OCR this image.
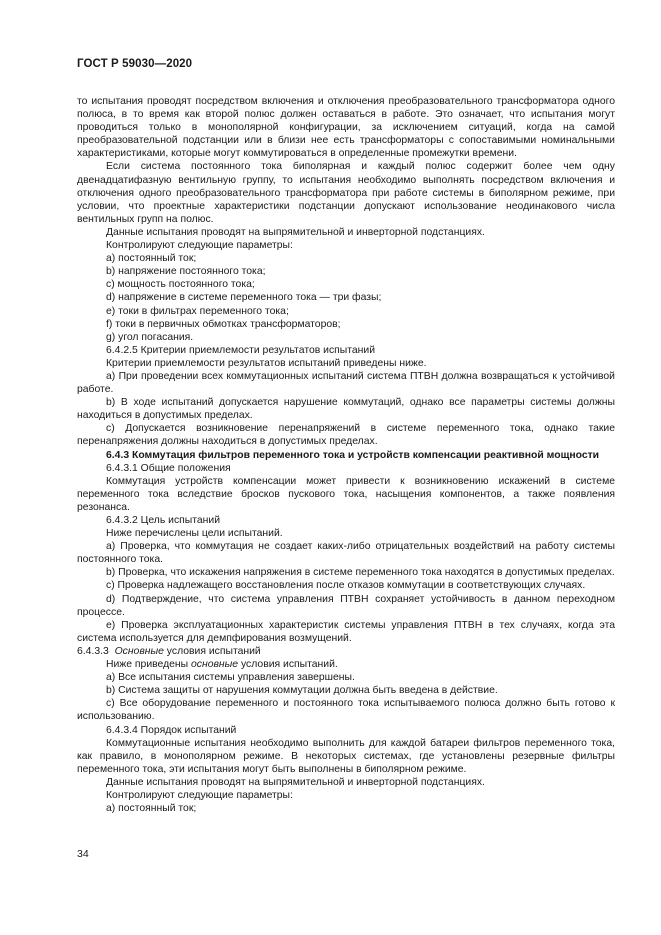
ГОСТ Р 59030—2020

то испытания проводят посредством включения и отключения преобразовательного трансформатора одного полюса, в то время как второй полюс должен оставаться в работе. Это означает, что испытания могут проводиться только в монополярной конфигурации, за исключением ситуаций, когда на самой преобразовательной подстанции или в близи нее есть трансформаторы с сопоставимыми номинальными характеристиками, которые могут коммутироваться в определенные промежутки времени.

Если система постоянного тока биполярная и каждый полюс содержит более чем одну двенадцатифазную вентильную группу, то испытания необходимо выполнять посредством включения и отключения одного преобразовательного трансформатора при работе системы в биполярном режиме, при условии, что проектные характеристики подстанции допускают использование неодинакового числа вентильных групп на полюс.

Данные испытания проводят на выпрямительной и инверторной подстанциях.

Контролируют следующие параметры:

а) постоянный ток;

b) напряжение постоянного тока;

с) мощность постоянного тока;

d) напряжение в системе переменного тока — три фазы;

е) токи в фильтрах переменного тока;

f) токи в первичных обмотках трансформаторов;

g) угол погасания.

6.4.2.5 Критерии приемлемости результатов испытаний

Критерии приемлемости результатов испытаний приведены ниже.

а) При проведении всех коммутационных испытаний система ПТВН должна возвращаться к устойчивой работе.

b) В ходе испытаний допускается нарушение коммутаций, однако все параметры системы должны находиться в допустимых пределах.

с) Допускается возникновение перенапряжений в системе переменного тока, однако такие перенапряжения должны находиться в допустимых пределах.

6.4.3 Коммутация фильтров переменного тока и устройств компенсации реактивной мощности

6.4.3.1 Общие положения

Коммутация устройств компенсации может привести к возникновению искажений в системе переменного тока вследствие бросков пускового тока, насыщения компонентов, а также появления резонанса.

6.4.3.2 Цель испытаний

Ниже перечислены цели испытаний.

а) Проверка, что коммутация не создает каких-либо отрицательных воздействий на работу системы постоянного тока.

b) Проверка, что искажения напряжения в системе переменного тока находятся в допустимых пределах.

с) Проверка надлежащего восстановления после отказов коммутации в соответствующих случаях.

d) Подтверждение, что система управления ПТВН сохраняет устойчивость в данном переходном процессе.

е) Проверка эксплуатационных характеристик системы управления ПТВН в тех случаях, когда эта система используется для демпфирования возмущений.

6.4.3.3 Основные условия испытаний

Ниже приведены основные условия испытаний.

а) Все испытания системы управления завершены.

b) Система защиты от нарушения коммутации должна быть введена в действие.

с) Все оборудование переменного и постоянного тока испытываемого полюса должно быть готово к использованию.

6.4.3.4 Порядок испытаний

Коммутационные испытания необходимо выполнить для каждой батареи фильтров переменного тока, как правило, в монополярном режиме. В некоторых системах, где установлены резервные фильтры переменного тока, эти испытания могут быть выполнены в биполярном режиме.

Данные испытания проводят на выпрямительной и инверторной подстанциях.

Контролируют следующие параметры:

а) постоянный ток;

34
